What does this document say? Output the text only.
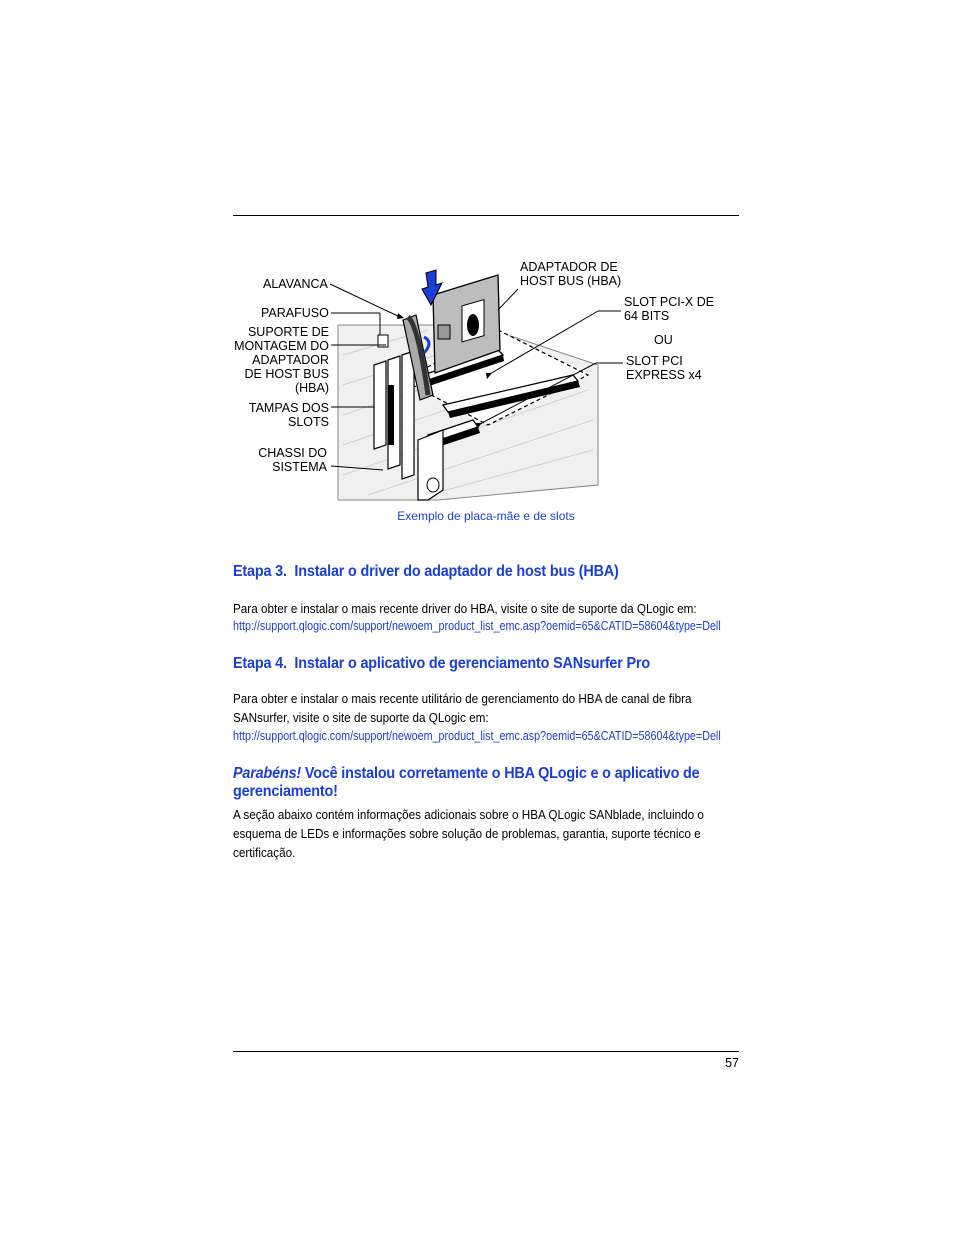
ALAVANCA
PARAFUSO
SUPORTE DE
MONTAGEM DO
ADAPTADOR
DE HOST BUS
(HBA)
TAMPAS DOS
SLOTS
CHASSI DO
SISTEMA
ADAPTADOR DE
HOST BUS (HBA)
SLOT PCI-X DE
64 BITS
OU
SLOT PCI
EXPRESS x4
Exemplo de placa-mãe e de slots
Etapa 3.  Instalar o driver do adaptador de host bus (HBA)
Para obter e instalar o mais recente driver do HBA, visite o site de suporte da QLogic em:
http://support.qlogic.com/support/newoem_product_list_emc.asp?oemid=65&CATID=58604&type=Dell
Etapa 4.  Instalar o aplicativo de gerenciamento SANsurfer Pro
Para obter e instalar o mais recente utilitário de gerenciamento do HBA de canal de fibra SANsurfer, visite o site de suporte da QLogic em:
http://support.qlogic.com/support/newoem_product_list_emc.asp?oemid=65&CATID=58604&type=Dell
Parabéns! Você instalou corretamente o HBA QLogic e o aplicativo de gerenciamento!
A seção abaixo contém informações adicionais sobre o HBA QLogic SANblade, incluindo o esquema de LEDs e informações sobre solução de problemas, garantia, suporte técnico e certificação.
57
